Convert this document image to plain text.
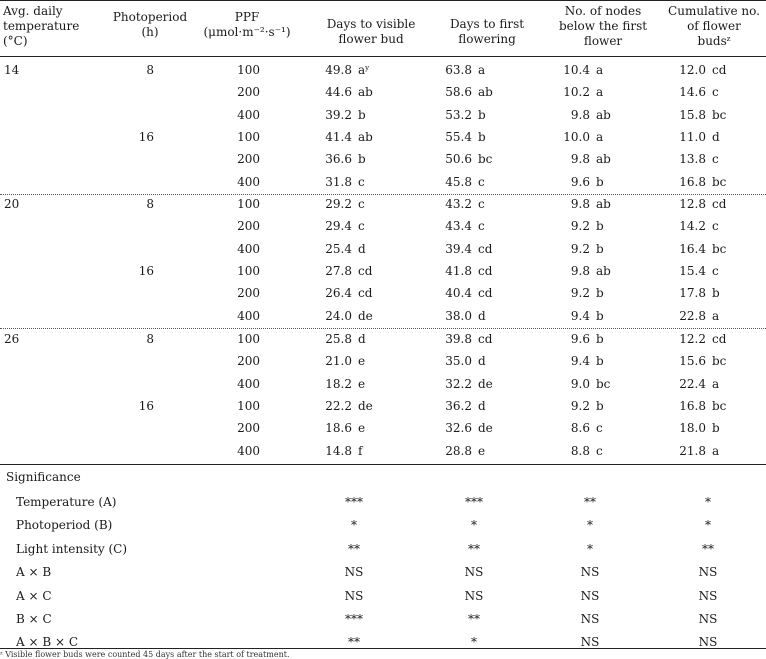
Avg. daily
temperature
(°C)
Photoperiod
(h)
PPF
(μmol·m⁻²·s⁻¹)
Days to visible
flower bud
Days to first
flowering
No. of nodes
below the first
flower
Cumulative no.
of flower
buds$^z$
14	8	100	49.8 $a^y$	63.8 a	10.4 a	12.0 cd
200	44.6 ab	58.6 ab	10.2 a	14.6 c
400	39.2 b	53.2 b	9.8 ab	15.8 bc
16	100	41.4 ab	55.4 b	10.0 a	11.0 d
200	36.6 b	50.6 bc	9.8 ab	13.8 c
400	31.8 c	45.8 c	9.6 b	16.8 bc
20	8	100	29.2 c	43.2 c	9.8 ab	12.8 cd
200	29.4 c	43.4 c	9.2 b	14.2 c
400	25.4 d	39.4 cd	9.2 b	16.4 bc
16	100	27.8 cd	41.8 cd	9.8 ab	15.4 c
200	26.4 cd	40.4 cd	9.2 b	17.8 b
400	24.0 de	38.0 d	9.4 b	22.8 a
26	8	100	25.8 d	39.8 cd	9.6 b	12.2 cd
200	21.0 e	35.0 d	9.4 b	15.6 bc
400	18.2 e	32.2 de	9.0 bc	22.4 a
16	100	22.2 de	36.2 d	9.2 b	16.8 bc
200	18.6 e	32.6 de	8.6 c	18.0 b
400	14.8 f	28.8 e	8.8 c	21.8 a
Significance
Temperature (A)	***	***	**	*
Photoperiod (B)	*	*	*	*
Light intensity (C)	**	**	*	**
A × B	NS	NS	NS	NS
A × C	NS	NS	NS	NS
B × C	***	**	NS	NS
A × B × C	**	*	NS	NS
ᶻ Visible flower buds were counted 45 days after the start of treatment.
